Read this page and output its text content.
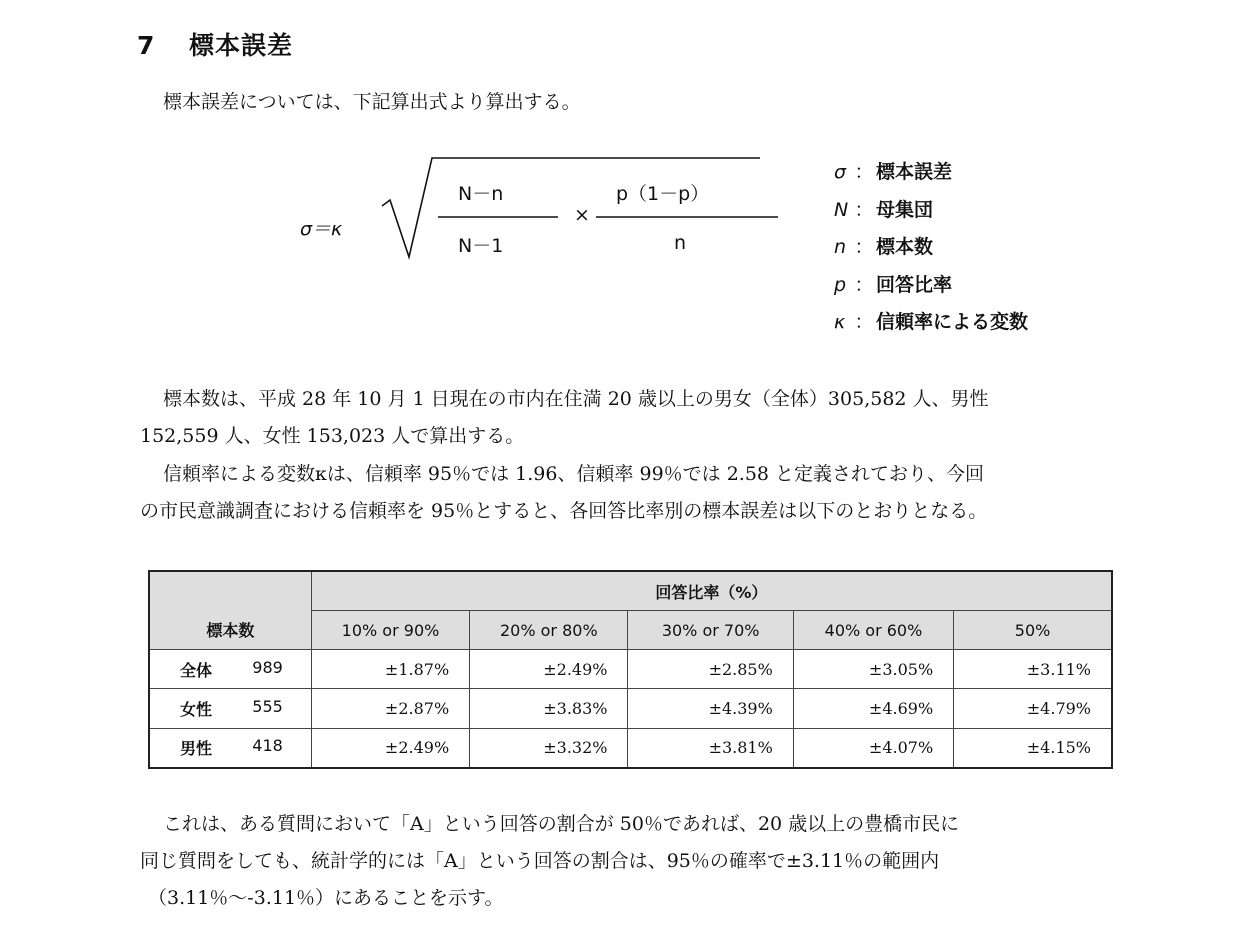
7 標本誤差
標本誤差については、下記算出式より算出する。
σ＝κ
N－n
N－1
×
p（1－p）
n
σ ： 標本誤差
N ： 母集団
n ： 標本数
p ： 回答比率
κ ： 信頼率による変数
標本数は、平成 28 年 10 月 1 日現在の市内在住満 20 歳以上の男女（全体）305,582 人、男性
152,559 人、女性 153,023 人で算出する。
信頼率による変数κは、信頼率 95％では 1.96、信頼率 99％では 2.58 と定義されており、今回
の市民意識調査における信頼率を 95％とすると、各回答比率別の標本誤差は以下のとおりとなる。
	回答比率（%）				
標本数	10% or 90%	20% or 80%	30% or 70%	40% or 60%	50%
全体 989	±1.87%	±2.49%	±2.85%	±3.05%	±3.11%
女性 555	±2.87%	±3.83%	±4.39%	±4.69%	±4.79%
男性 418	±2.49%	±3.32%	±3.81%	±4.07%	±4.15%
これは、ある質問において「A」という回答の割合が 50％であれば、20 歳以上の豊橋市民に
同じ質問をしても、統計学的には「A」という回答の割合は、95％の確率で±3.11％の範囲内
（3.11％～-3.11％）にあることを示す。
